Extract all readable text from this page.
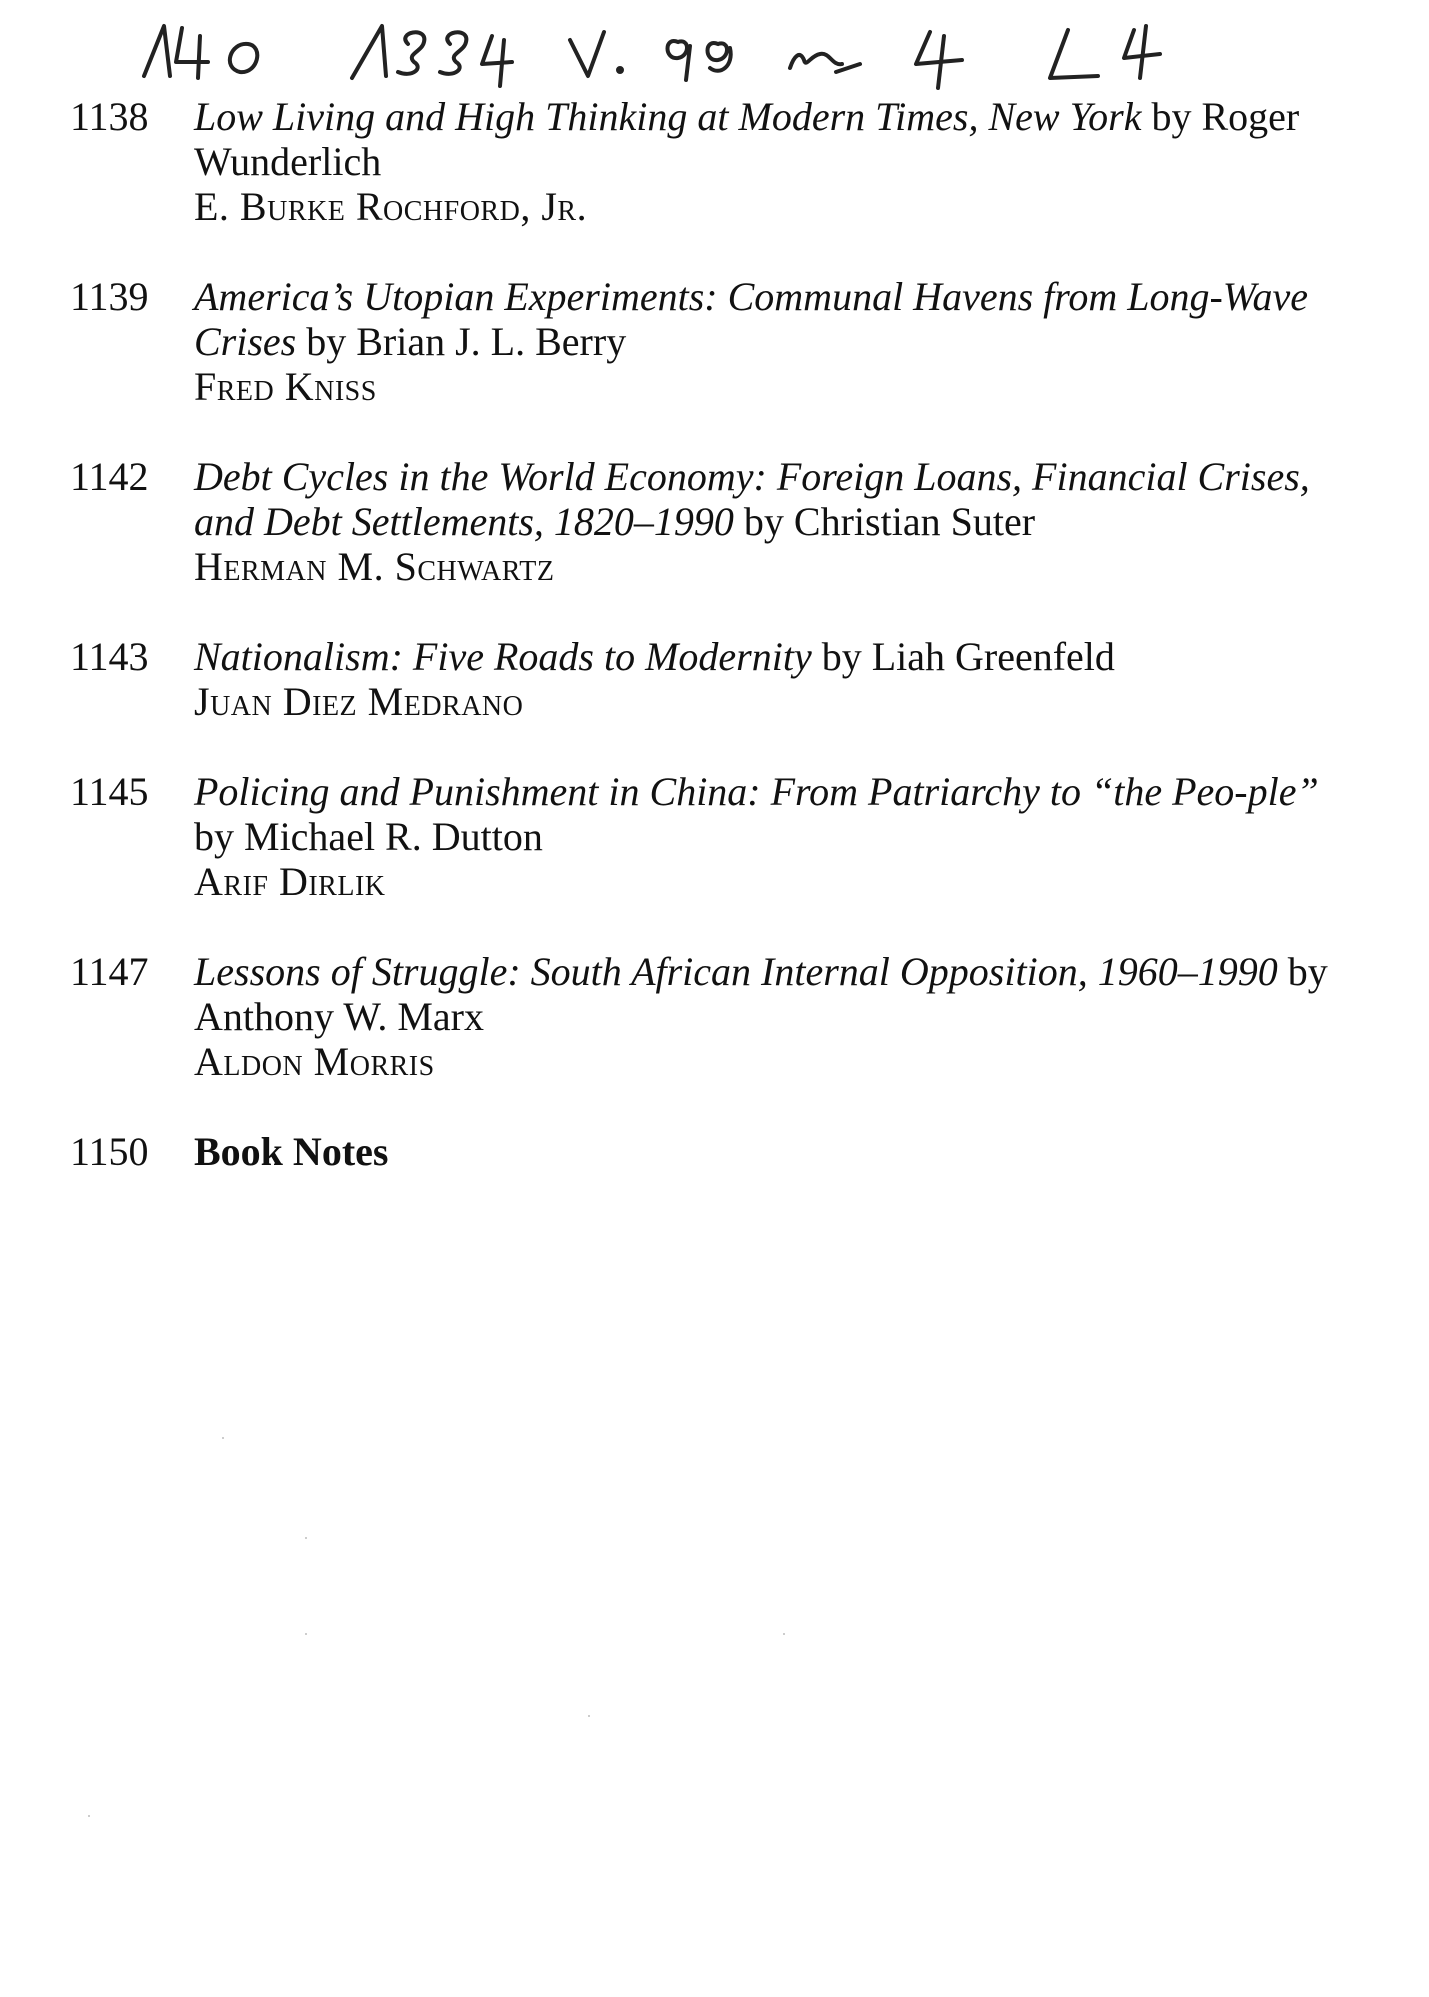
1138 Low Living and High Thinking at Modern Times, New York by Roger Wunderlich
E. Burke Rochford, Jr.
1139 America’s Utopian Experiments: Communal Havens from Long-Wave Crises by Brian J. L. Berry
Fred Kniss
1142 Debt Cycles in the World Economy: Foreign Loans, Financial Crises, and Debt Settlements, 1820–1990 by Christian Suter
Herman M. Schwartz
1143 Nationalism: Five Roads to Modernity by Liah Greenfeld
Juan Diez Medrano
1145 Policing and Punishment in China: From Patriarchy to “the Peo-ple” by Michael R. Dutton
Arif Dirlik
1147 Lessons of Struggle: South African Internal Opposition, 1960–1990 by Anthony W. Marx
Aldon Morris
1150 Book Notes
